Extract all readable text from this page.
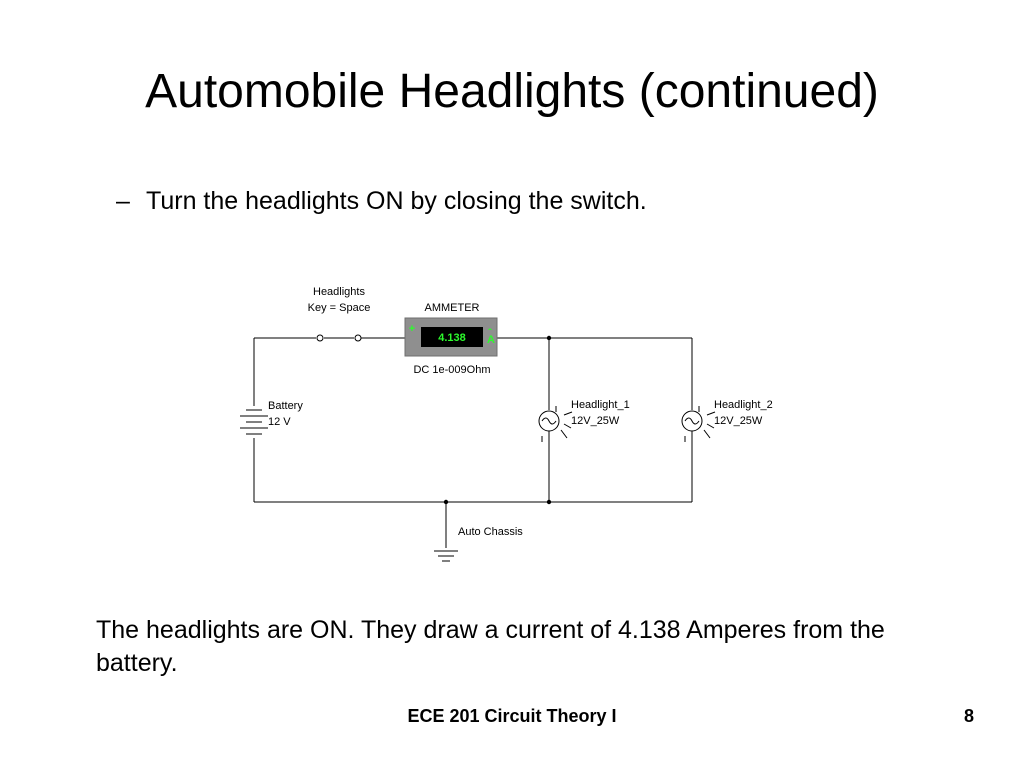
Automobile Headlights (continued)
– Turn the headlights ON by closing the switch.
Headlights
Key = Space	AMMETER
4.138
+	-
A
DC 1e-009Ohm
Battery
12 V
Headlight_1
12V_25W
Headlight_2
12V_25W
Auto Chassis
The headlights are ON. They draw a current of 4.138 Amperes from the battery.
ECE 201 Circuit Theory I	8
